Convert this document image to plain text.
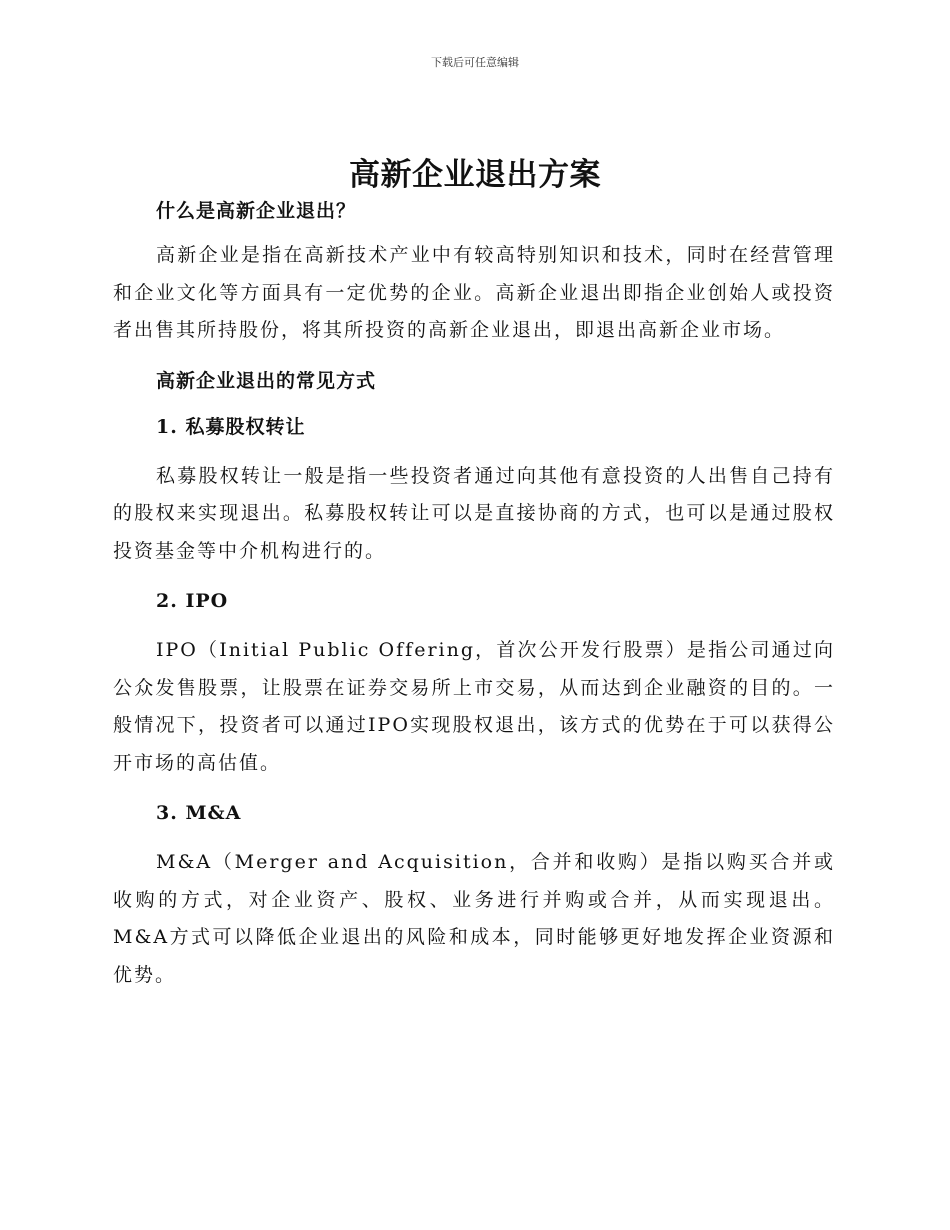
下载后可任意编辑
高新企业退出方案

什么是高新企业退出？

高新企业是指在高新技术产业中有较高特别知识和技术，同时在经营管理和企业文化等方面具有一定优势的企业。高新企业退出即指企业创始人或投资者出售其所持股份，将其所投资的高新企业退出，即退出高新企业市场。

高新企业退出的常见方式

1. 私募股权转让

私募股权转让一般是指一些投资者通过向其他有意投资的人出售自己持有的股权来实现退出。私募股权转让可以是直接协商的方式，也可以是通过股权投资基金等中介机构进行的。

2. IPO

IPO（Initial Public Offering，首次公开发行股票）是指公司通过向公众发售股票，让股票在证券交易所上市交易，从而达到企业融资的目的。一般情况下，投资者可以通过IPO实现股权退出，该方式的优势在于可以获得公开市场的高估值。

3. M&A

M&A（Merger and Acquisition，合并和收购）是指以购买合并或收购的方式，对企业资产、股权、业务进行并购或合并，从而实现退出。M&A方式可以降低企业退出的风险和成本，同时能够更好地发挥企业资源和优势。
